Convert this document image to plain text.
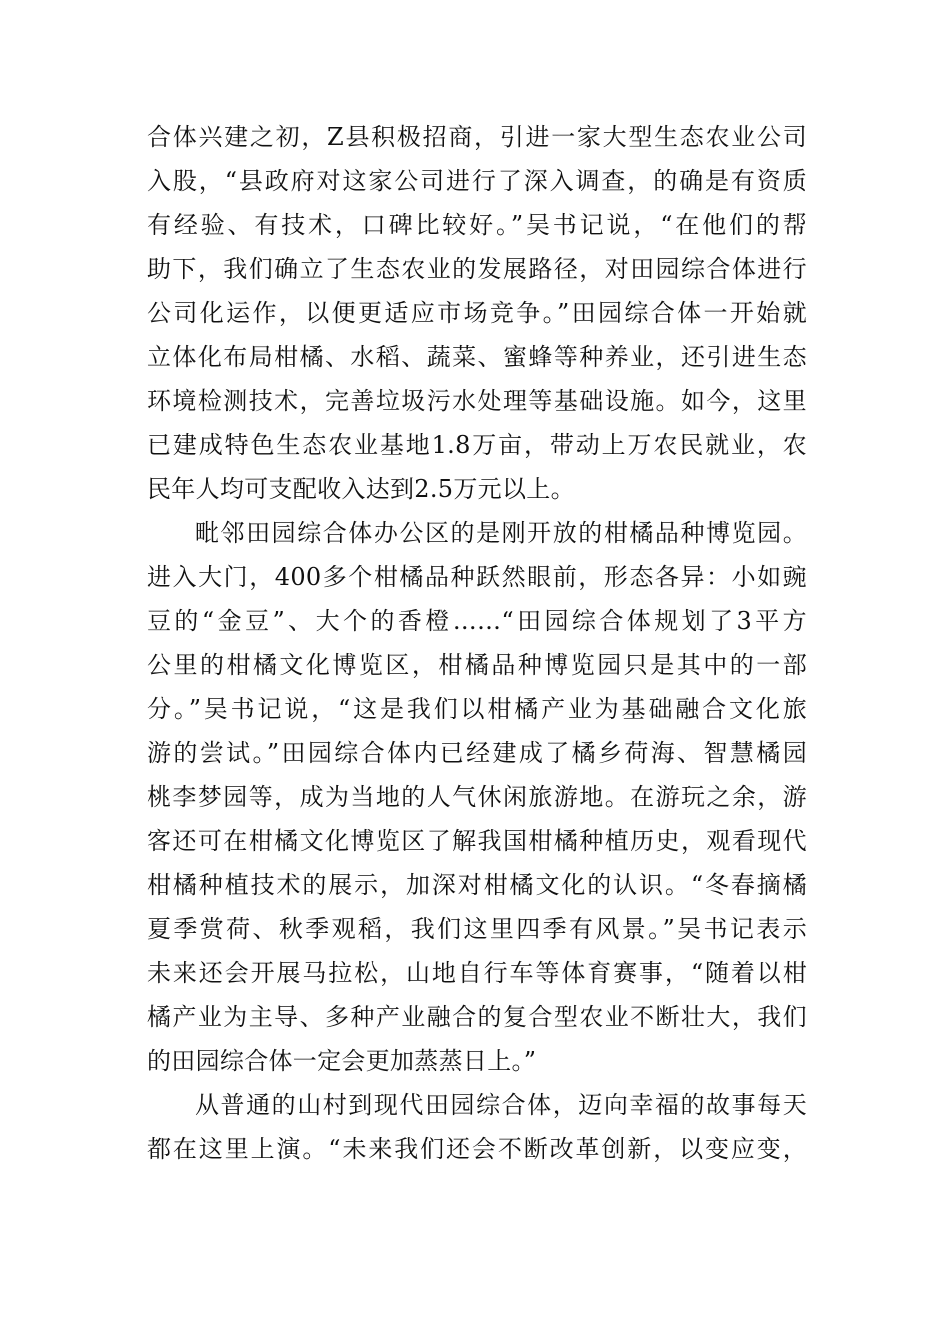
合体兴建之初，Z县积极招商，引进一家大型生态农业公司
入股，“县政府对这家公司进行了深入调查，的确是有资质
有经验、有技术，口碑比较好。”吴书记说，“在他们的帮
助下，我们确立了生态农业的发展路径，对田园综合体进行
公司化运作，以便更适应市场竞争。”田园综合体一开始就
立体化布局柑橘、水稻、蔬菜、蜜蜂等种养业，还引进生态
环境检测技术，完善垃圾污水处理等基础设施。如今，这里
已建成特色生态农业基地1.8万亩，带动上万农民就业，农
民年人均可支配收入达到2.5万元以上。
毗邻田园综合体办公区的是刚开放的柑橘品种博览园。
进入大门，400多个柑橘品种跃然眼前，形态各异：小如豌
豆的“金豆”、大个的香橙……“田园综合体规划了3平方
公里的柑橘文化博览区，柑橘品种博览园只是其中的一部
分。”吴书记说，“这是我们以柑橘产业为基础融合文化旅
游的尝试。”田园综合体内已经建成了橘乡荷海、智慧橘园
桃李梦园等，成为当地的人气休闲旅游地。在游玩之余，游
客还可在柑橘文化博览区了解我国柑橘种植历史，观看现代
柑橘种植技术的展示，加深对柑橘文化的认识。“冬春摘橘
夏季赏荷、秋季观稻，我们这里四季有风景。”吴书记表示
未来还会开展马拉松，山地自行车等体育赛事，“随着以柑
橘产业为主导、多种产业融合的复合型农业不断壮大，我们
的田园综合体一定会更加蒸蒸日上。”
从普通的山村到现代田园综合体，迈向幸福的故事每天
都在这里上演。“未来我们还会不断改革创新，以变应变，
